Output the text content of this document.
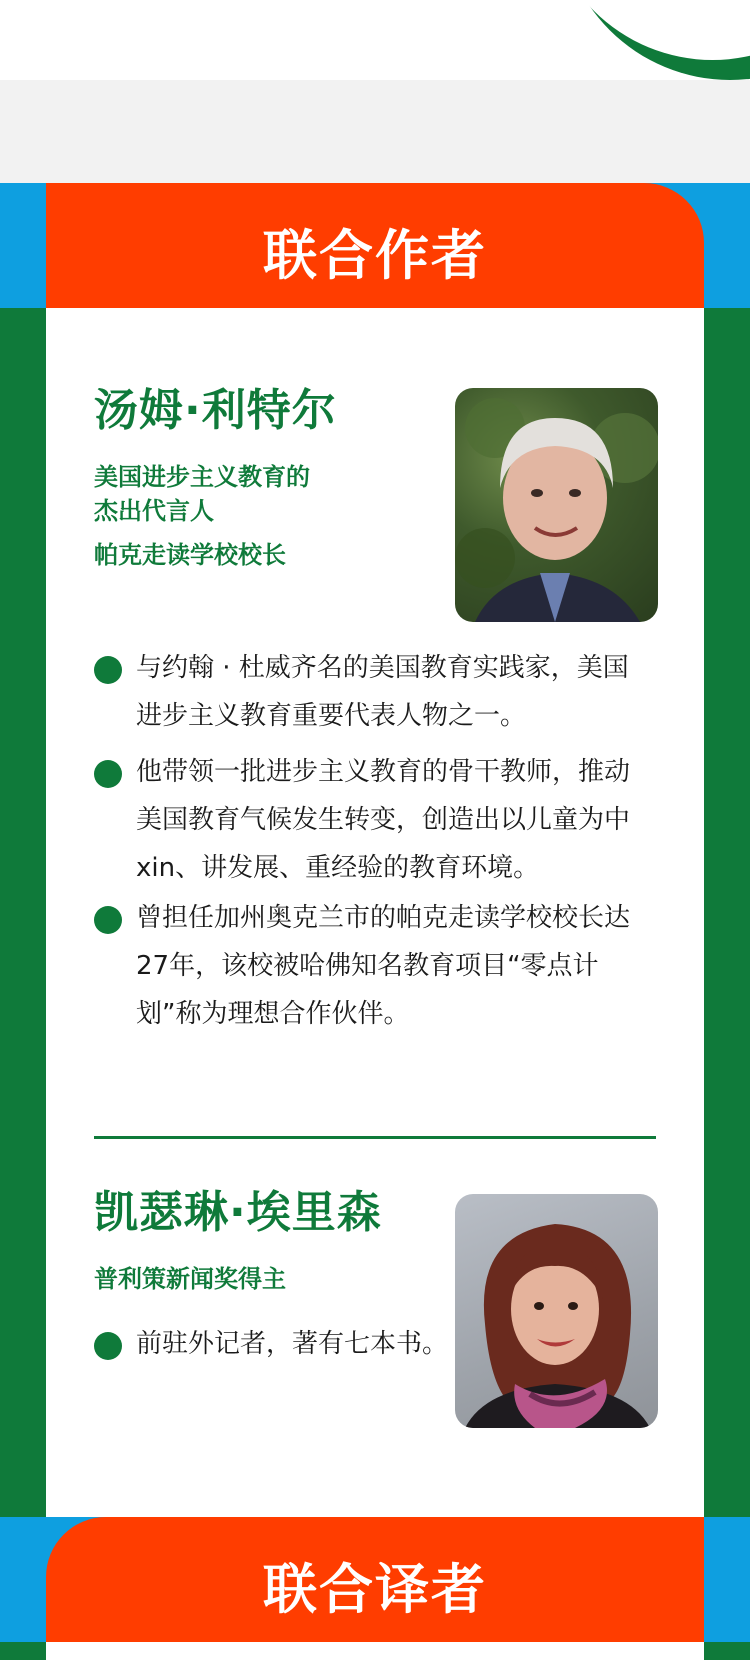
联合作者
汤姆·利特尔
美国进步主义教育的
杰出代言人
帕克走读学校校长
与约翰 · 杜威齐名的美国教育实践家，美国进步主义教育重要代表人物之一。
他带领一批进步主义教育的骨干教师，推动美国教育气候发生转变，创造出以儿童为中xin、讲发展、重经验的教育环境。
曾担任加州奥克兰市的帕克走读学校校长达27年，该校被哈佛知名教育项目“零点计划”称为理想合作伙伴。
凯瑟琳·埃里森
普利策新闻奖得主
前驻外记者，著有七本书。
联合译者
